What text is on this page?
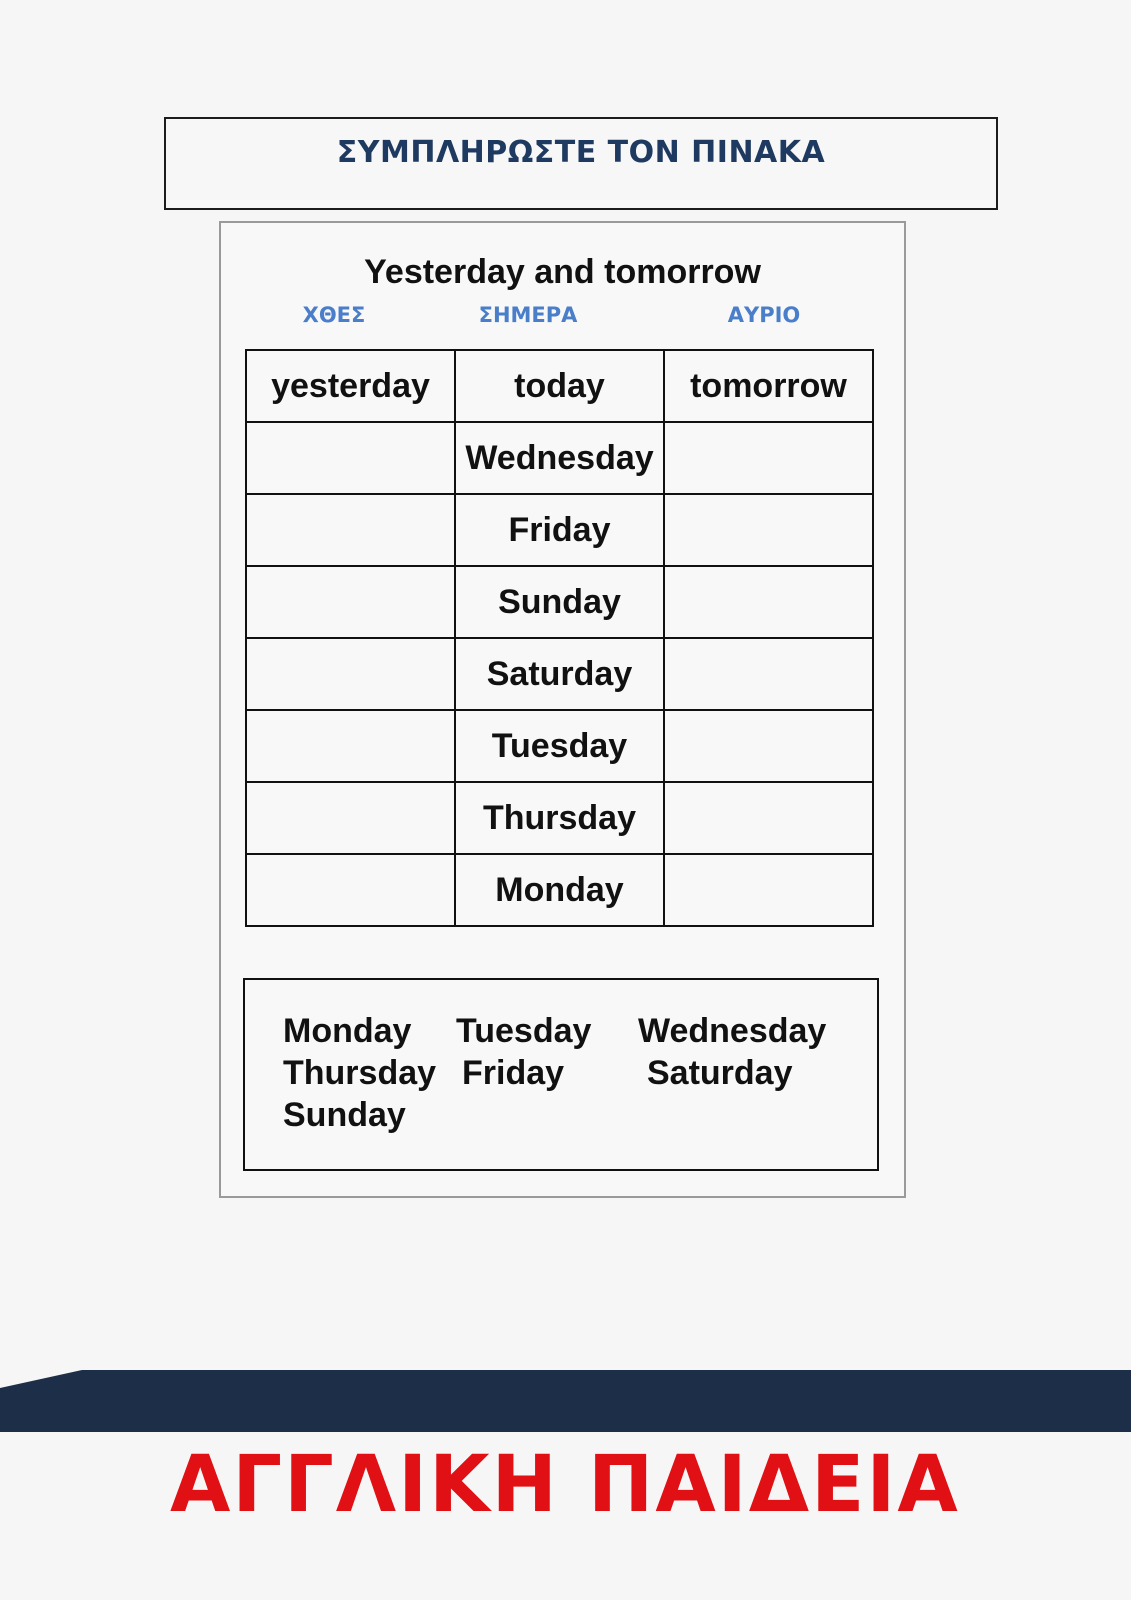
ΣΥΜΠΛΗΡΩΣΤΕ ΤΟΝ ΠΙΝΑΚΑ
Yesterday and tomorrow
ΧΘΕΣ	ΣΗΜΕΡΑ	ΑΥΡΙΟ
yesterday	today	tomorrow
	Wednesday	
	Friday	
	Sunday	
	Saturday	
	Tuesday	
	Thursday	
	Monday	
Monday Tuesday Wednesday
Thursday Friday Saturday
Sunday
ΑΓΓΛΙΚΗ ΠΑΙΔΕΙΑ
